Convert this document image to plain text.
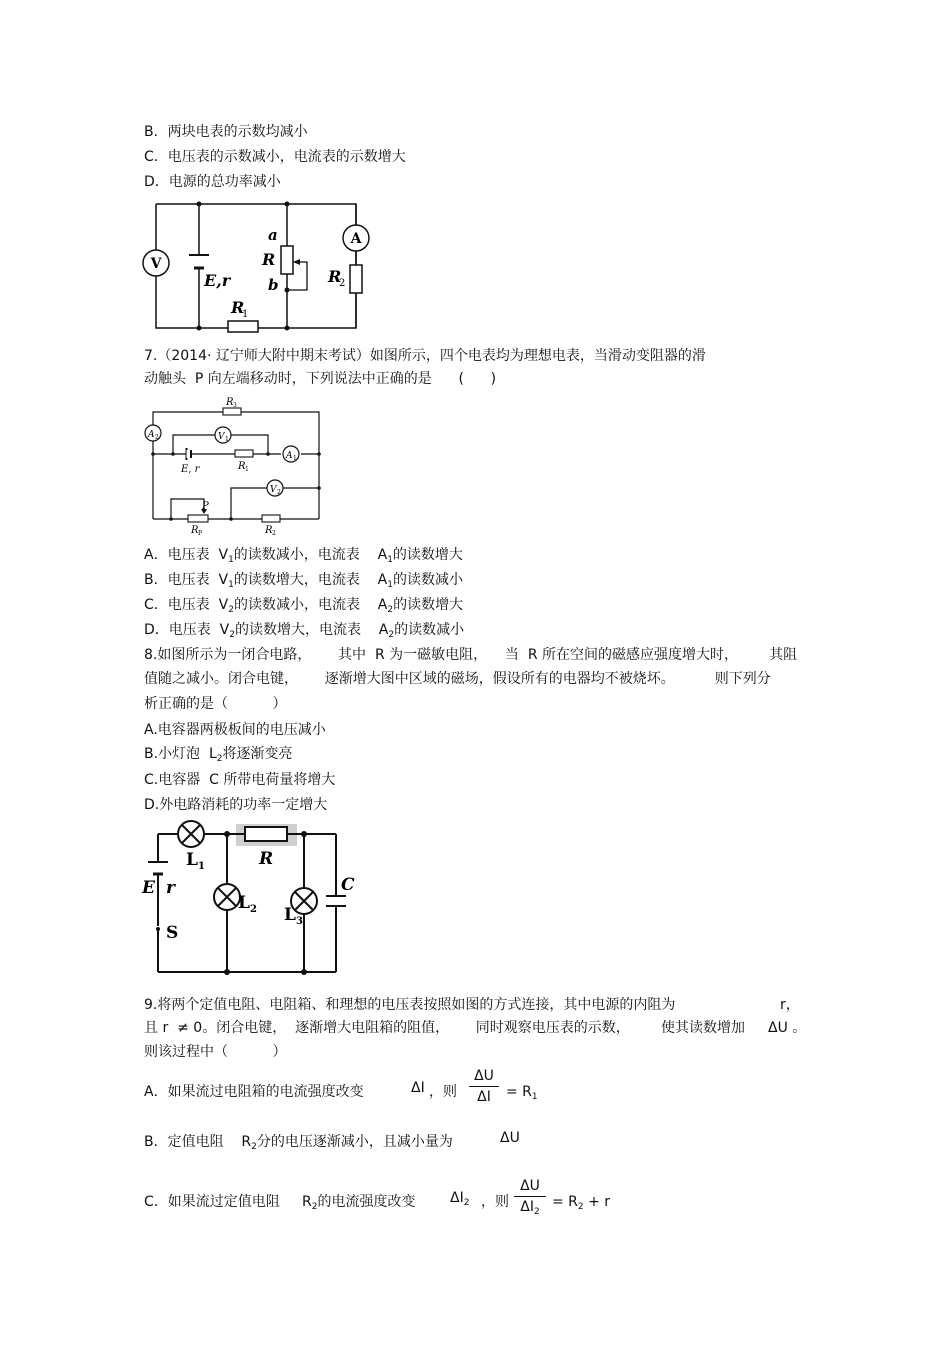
B．两块电表的示数均减小
C．电压表的示数减小，电流表的示数增大
D．电源的总功率减小
V
A
E,r
a
R
b	R
2
R
1
7.（2014· 辽宁师大附中期末考试）如图所示，四个电表均为理想电表，当滑动变阻器的滑
动触头  P 向左端移动时，下列说法中正确的是      (      )
R 3
A 2	V 1
E, r	R 1
A 1
V 2
P
R P	R 2
A．电压表  $V_1$的读数减小，电流表    $A_1$的读数增大
B．电压表  $V_1$的读数增大，电流表    $A_1$的读数减小
C．电压表  $V_2$的读数减小，电流表    $A_2$的读数增大
D．电压表  $V_2$的读数增大，电流表    $A_2$的读数减小
8.如图所示为一闭合电路，      其中  R 为一磁敏电阻，    当  R 所在空间的磁感应强度增大时，       其阻
值随之减小。闭合电键，      逐渐增大图中区域的磁场，假设所有的电器均不被烧坏。         则下列分
析正确的是（          ）
A.电容器两极板间的电压减小
B.小灯泡  $L_2$将逐渐变亮
C.电容器  C 所带电荷量将增大
D.外电路消耗的功率一定增大
L 1	R
E r	C
L 2 L 3
S
9.将两个定值电阻、电阻箱、和理想的电压表按照如图的方式连接，其中电源的内阻为	r，
且 r  ≠ 0。闭合电键，  逐渐增大电阻箱的阻值，      同时观察电压表的示数，       使其读数增加 ΔU 。
则该过程中（          ）
A．如果流过电阻箱的电流强度改变	ΔI ，则 $\frac{\Delta U}{\Delta I} = R_1$
B．定值电阻    $R_2$分的电压逐渐减小，且减小量为	ΔU
C．如果流过定值电阻     $R_2$的电流强度改变 $\Delta I_2$ ，则 $\frac{\Delta U}{\Delta I_2} = R_2 + r$
